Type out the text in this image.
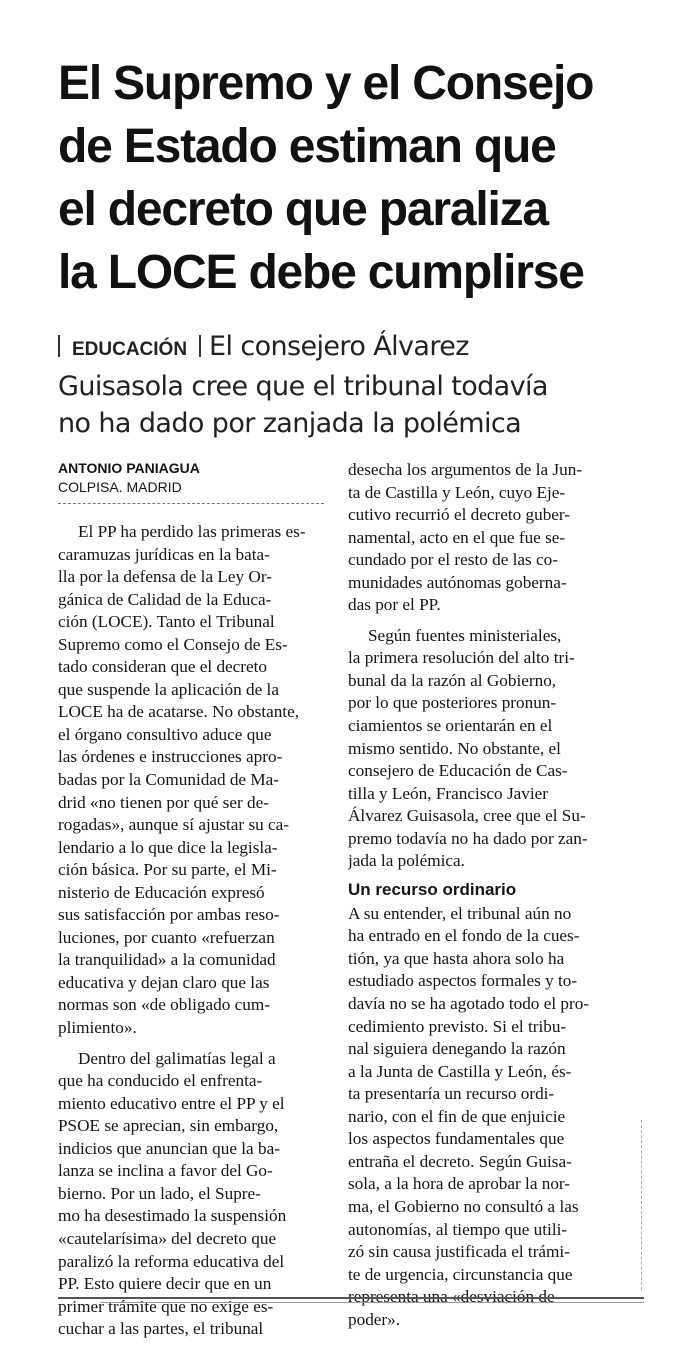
El Supremo y el Consejo
de Estado estiman que
el decreto que paraliza
la LOCE debe cumplirse
EDUCACIÓN El consejero Álvarez
Guisasola cree que el tribunal todavía
no ha dado por zanjada la polémica
ANTONIO PANIAGUA
COLPISA. MADRID
El PP ha perdido las primeras es-
caramuzas jurídicas en la bata-
lla por la defensa de la Ley Or-
gánica de Calidad de la Educa-
ción (LOCE). Tanto el Tribunal
Supremo como el Consejo de Es-
tado consideran que el decreto
que suspende la aplicación de la
LOCE ha de acatarse. No obstante,
el órgano consultivo aduce que
las órdenes e instrucciones apro-
badas por la Comunidad de Ma-
drid «no tienen por qué ser de-
rogadas», aunque sí ajustar su ca-
lendario a lo que dice la legisla-
ción básica. Por su parte, el Mi-
nisterio de Educación expresó
sus satisfacción por ambas reso-
luciones, por cuanto «refuerzan
la tranquilidad» a la comunidad
educativa y dejan claro que las
normas son «de obligado cum-
plimiento».
Dentro del galimatías legal a
que ha conducido el enfrenta-
miento educativo entre el PP y el
PSOE se aprecian, sin embargo,
indicios que anuncian que la ba-
lanza se inclina a favor del Go-
bierno. Por un lado, el Supre-
mo ha desestimado la suspensión
«cautelarísima» del decreto que
paralizó la reforma educativa del
PP. Esto quiere decir que en un
primer trámite que no exige es-
cuchar a las partes, el tribunal
desecha los argumentos de la Jun-
ta de Castilla y León, cuyo Eje-
cutivo recurrió el decreto guber-
namental, acto en el que fue se-
cundado por el resto de las co-
munidades autónomas goberna-
das por el PP.
Según fuentes ministeriales,
la primera resolución del alto tri-
bunal da la razón al Gobierno,
por lo que posteriores pronun-
ciamientos se orientarán en el
mismo sentido. No obstante, el
consejero de Educación de Cas-
tilla y León, Francisco Javier
Álvarez Guisasola, cree que el Su-
premo todavía no ha dado por zan-
jada la polémica.
Un recurso ordinario
A su entender, el tribunal aún no
ha entrado en el fondo de la cues-
tión, ya que hasta ahora solo ha
estudiado aspectos formales y to-
davía no se ha agotado todo el pro-
cedimiento previsto. Si el tribu-
nal siguiera denegando la razón
a la Junta de Castilla y León, és-
ta presentaría un recurso ordi-
nario, con el fin de que enjuicie
los aspectos fundamentales que
entraña el decreto. Según Guisa-
sola, a la hora de aprobar la nor-
ma, el Gobierno no consultó a las
autonomías, al tiempo que utili-
zó sin causa justificada el trámi-
te de urgencia, circunstancia que
representa una «desviación de
poder».
